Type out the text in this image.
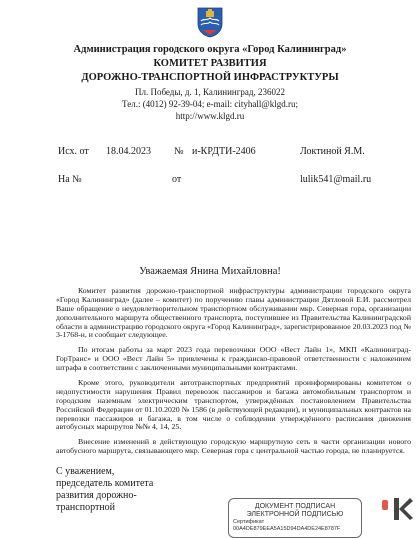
Администрация городского округа «Город Калининград»
КОМИТЕТ РАЗВИТИЯ
ДОРОЖНО-ТРАНСПОРТНОЙ ИНФРАСТРУКТУРЫ
Пл. Победы, д. 1, Калининград, 236022
Тел.: (4012) 92-39-04; e-mail: cityhall@klgd.ru;
http://www.klgd.ru
Исх. от 18.04.2023 № и-КРДТИ-2406	Локтиной Я.М.
На №	от	lulik541@mail.ru
Уважаемая Янина Михайловна!
Комитет развития дорожно-транспортной инфраструктуры администрации городского округа «Город Калининград» (далее – комитет) по поручению главы администрации Дятловой Е.И. рассмотрел Ваше обращение о неудовлетворительном транспортном обслуживании мкр. Северная гора, организации дополнительного маршрута общественного транспорта, поступившее из Правительства Калининградской области в администрацию городского округа «Город Калининград», зарегистрированное 20.03.2023 под № 3-1768-н, и сообщает следующее.
По итогам работы за март 2023 года перевозчики ООО «Вест Лайн 1», МКП «Калининград-ГорТранс» и ООО «Вест Лайн 5» привлечены к гражданско-правовой ответственности с наложением штрафа в соответствии с заключенными муниципальными контрактами.
Кроме этого, руководители автотранспортных предприятий проинформированы комитетом о недопустимости нарушения Правил перевозок пассажиров и багажа автомобильным транспортом и городским наземным электрическим транспортом, утверждённых постановлением Правительства Российской Федерации от 01.10.2020 № 1586 (в действующей редакции), и муниципальных контрактов на перевозки пассажиров и багажа, в том числе о соблюдении утверждённого расписания движения автобусных маршрутов №№ 4, 14, 25.
С уважением,
председатель комитета
развития дорожно-
транспортной	ДОКУМЕНТ ПОДПИСАН
ЭЛЕКТРОННОЙ ПОДПИСЬЮ
Сертификат 00A4DE879EEA5A15D94DA4DE24E8787F
Внесение изменений в действующую городскую маршрутную сеть в части организации нового автобусного маршрута, связывающего мкр. Северная гора с центральной частью города, не планируется.
